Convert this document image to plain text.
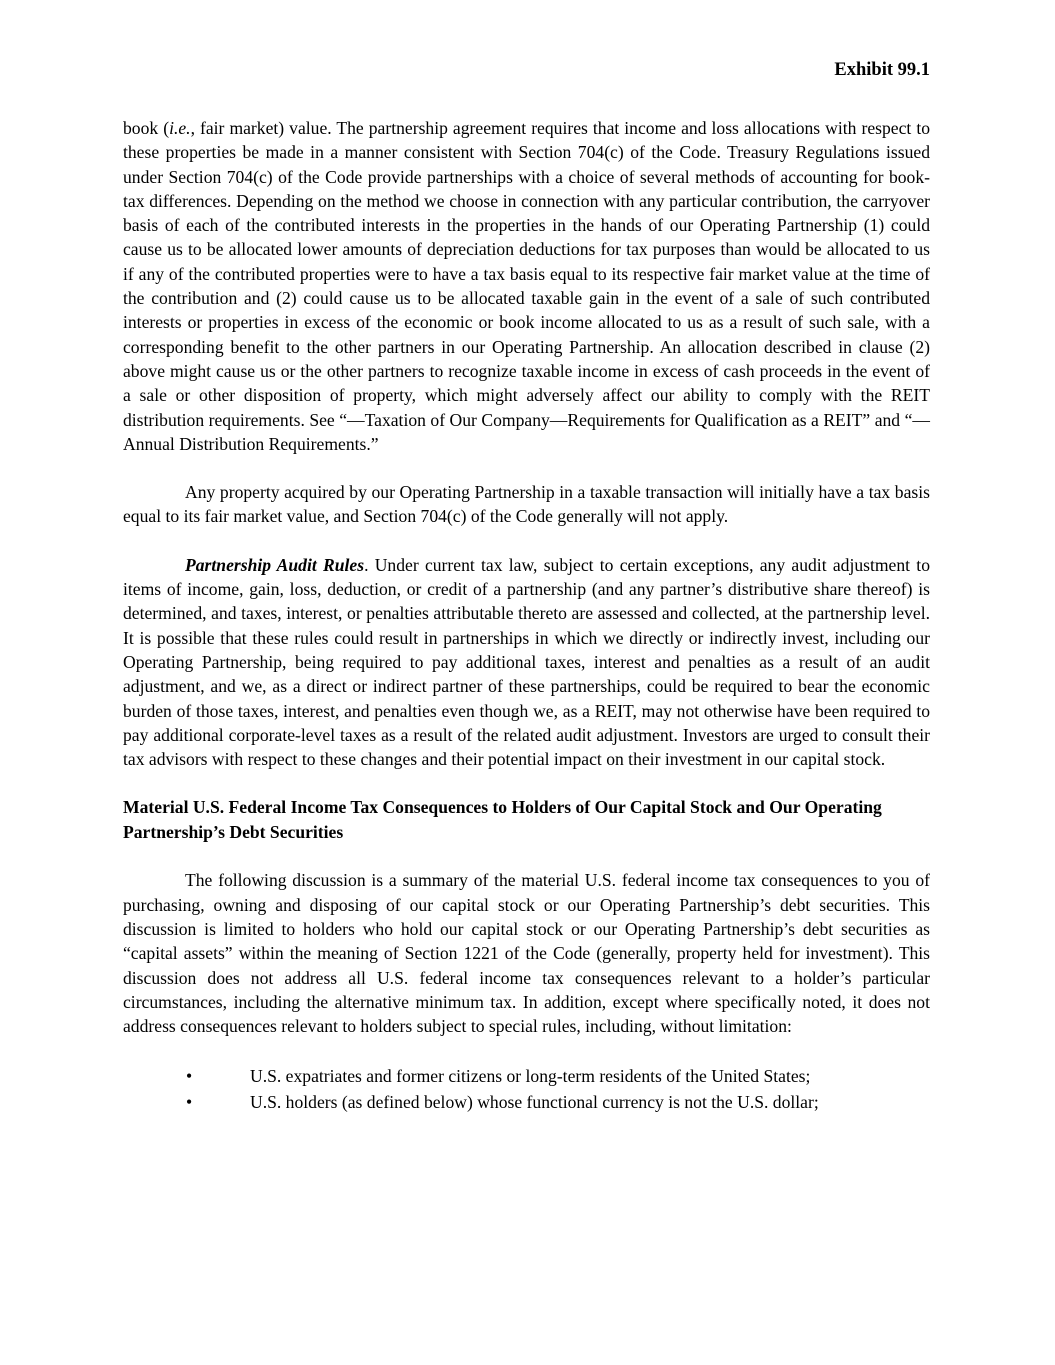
Exhibit 99.1

book (i.e., fair market) value. The partnership agreement requires that income and loss allocations with respect to these properties be made in a manner consistent with Section 704(c) of the Code. Treasury Regulations issued under Section 704(c) of the Code provide partnerships with a choice of several methods of accounting for book-tax differences. Depending on the method we choose in connection with any particular contribution, the carryover basis of each of the contributed interests in the properties in the hands of our Operating Partnership (1) could cause us to be allocated lower amounts of depreciation deductions for tax purposes than would be allocated to us if any of the contributed properties were to have a tax basis equal to its respective fair market value at the time of the contribution and (2) could cause us to be allocated taxable gain in the event of a sale of such contributed interests or properties in excess of the economic or book income allocated to us as a result of such sale, with a corresponding benefit to the other partners in our Operating Partnership. An allocation described in clause (2) above might cause us or the other partners to recognize taxable income in excess of cash proceeds in the event of a sale or other disposition of property, which might adversely affect our ability to comply with the REIT distribution requirements. See “—Taxation of Our Company—Requirements for Qualification as a REIT” and “—Annual Distribution Requirements.”

Any property acquired by our Operating Partnership in a taxable transaction will initially have a tax basis equal to its fair market value, and Section 704(c) of the Code generally will not apply.

Partnership Audit Rules. Under current tax law, subject to certain exceptions, any audit adjustment to items of income, gain, loss, deduction, or credit of a partnership (and any partner’s distributive share thereof) is determined, and taxes, interest, or penalties attributable thereto are assessed and collected, at the partnership level. It is possible that these rules could result in partnerships in which we directly or indirectly invest, including our Operating Partnership, being required to pay additional taxes, interest and penalties as a result of an audit adjustment, and we, as a direct or indirect partner of these partnerships, could be required to bear the economic burden of those taxes, interest, and penalties even though we, as a REIT, may not otherwise have been required to pay additional corporate-level taxes as a result of the related audit adjustment. Investors are urged to consult their tax advisors with respect to these changes and their potential impact on their investment in our capital stock.

Material U.S. Federal Income Tax Consequences to Holders of Our Capital Stock and Our Operating Partnership’s Debt Securities

The following discussion is a summary of the material U.S. federal income tax consequences to you of purchasing, owning and disposing of our capital stock or our Operating Partnership’s debt securities. This discussion is limited to holders who hold our capital stock or our Operating Partnership’s debt securities as “capital assets” within the meaning of Section 1221 of the Code (generally, property held for investment). This discussion does not address all U.S. federal income tax consequences relevant to a holder’s particular circumstances, including the alternative minimum tax. In addition, except where specifically noted, it does not address consequences relevant to holders subject to special rules, including, without limitation:

•	U.S. expatriates and former citizens or long-term residents of the United States;
•	U.S. holders (as defined below) whose functional currency is not the U.S. dollar;
